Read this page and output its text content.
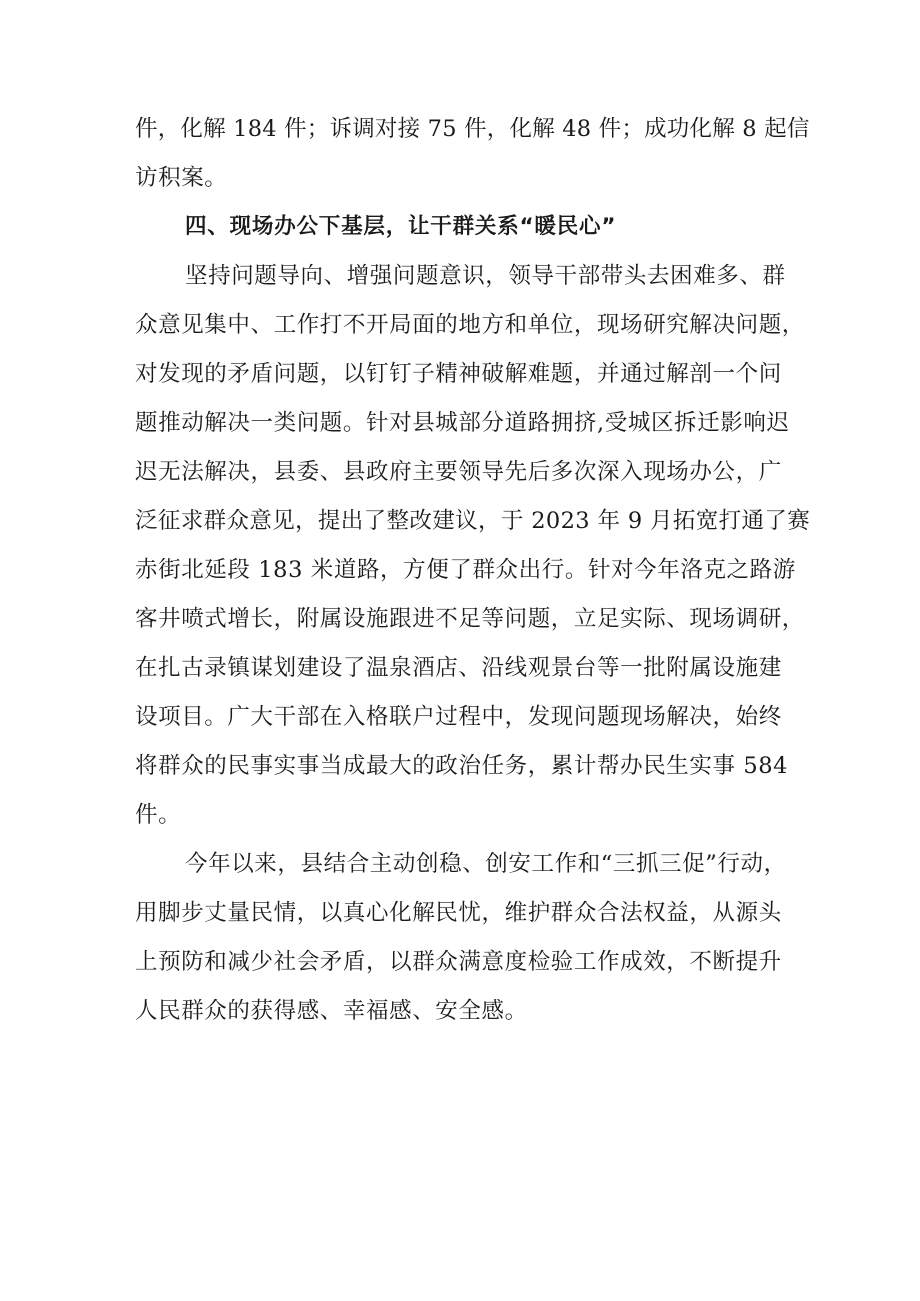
件，化解 184 件；诉调对接 75 件，化解 48 件；成功化解 8 起信
访积案。
四、现场办公下基层，让干群关系“暖民心”
坚持问题导向、增强问题意识，领导干部带头去困难多、群
众意见集中、工作打不开局面的地方和单位，现场研究解决问题，
对发现的矛盾问题，以钉钉子精神破解难题，并通过解剖一个问
题推动解决一类问题。针对县城部分道路拥挤,受城区拆迁影响迟
迟无法解决，县委、县政府主要领导先后多次深入现场办公，广
泛征求群众意见，提出了整改建议，于 2023 年 9 月拓宽打通了赛
赤街北延段 183 米道路，方便了群众出行。针对今年洛克之路游
客井喷式增长，附属设施跟进不足等问题，立足实际、现场调研，
在扎古录镇谋划建设了温泉酒店、沿线观景台等一批附属设施建
设项目。广大干部在入格联户过程中，发现问题现场解决，始终
将群众的民事实事当成最大的政治任务，累计帮办民生实事 584
件。
今年以来，县结合主动创稳、创安工作和“三抓三促”行动，
用脚步丈量民情，以真心化解民忧，维护群众合法权益，从源头
上预防和减少社会矛盾，以群众满意度检验工作成效，不断提升
人民群众的获得感、幸福感、安全感。
